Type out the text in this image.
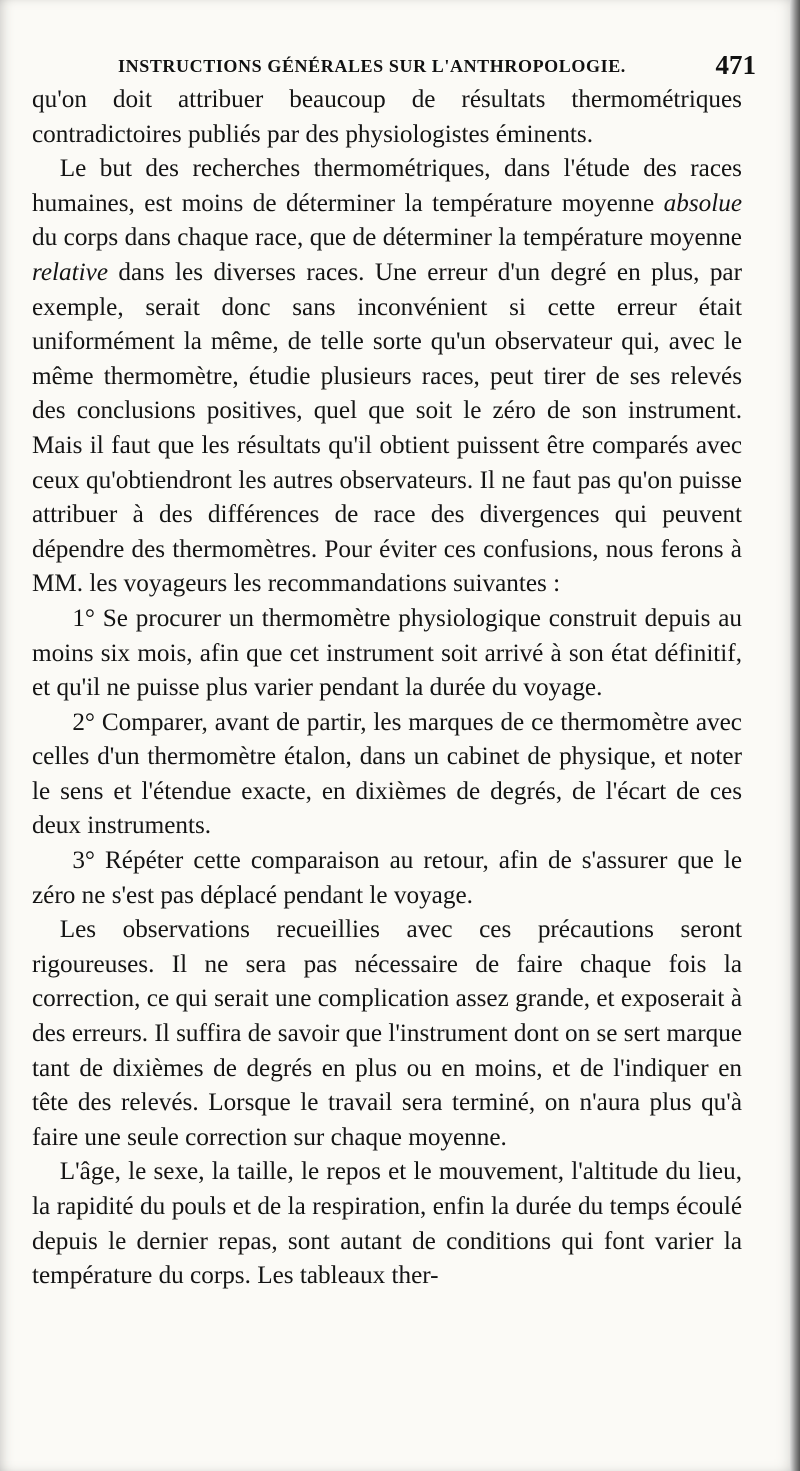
INSTRUCTIONS GÉNÉRALES SUR L'ANTHROPOLOGIE.	471

qu'on doit attribuer beaucoup de résultats thermométriques contradictoires publiés par des physiologistes éminents.

Le but des recherches thermométriques, dans l'étude des races humaines, est moins de déterminer la température moyenne absolue du corps dans chaque race, que de déterminer la température moyenne relative dans les diverses races. Une erreur d'un degré en plus, par exemple, serait donc sans inconvénient si cette erreur était uniformément la même, de telle sorte qu'un observateur qui, avec le même thermomètre, étudie plusieurs races, peut tirer de ses relevés des conclusions positives, quel que soit le zéro de son instrument. Mais il faut que les résultats qu'il obtient puissent être comparés avec ceux qu'obtiendront les autres observateurs. Il ne faut pas qu'on puisse attribuer à des différences de race des divergences qui peuvent dépendre des thermomètres. Pour éviter ces confusions, nous ferons à MM. les voyageurs les recommandations suivantes :

1° Se procurer un thermomètre physiologique construit depuis au moins six mois, afin que cet instrument soit arrivé à son état définitif, et qu'il ne puisse plus varier pendant la durée du voyage.

2° Comparer, avant de partir, les marques de ce thermomètre avec celles d'un thermomètre étalon, dans un cabinet de physique, et noter le sens et l'étendue exacte, en dixièmes de degrés, de l'écart de ces deux instruments.

3° Répéter cette comparaison au retour, afin de s'assurer que le zéro ne s'est pas déplacé pendant le voyage.

Les observations recueillies avec ces précautions seront rigoureuses. Il ne sera pas nécessaire de faire chaque fois la correction, ce qui serait une complication assez grande, et exposerait à des erreurs. Il suffira de savoir que l'instrument dont on se sert marque tant de dixièmes de degrés en plus ou en moins, et de l'indiquer en tête des relevés. Lorsque le travail sera terminé, on n'aura plus qu'à faire une seule correction sur chaque moyenne.

L'âge, le sexe, la taille, le repos et le mouvement, l'altitude du lieu, la rapidité du pouls et de la respiration, enfin la durée du temps écoulé depuis le dernier repas, sont autant de conditions qui font varier la température du corps. Les tableaux ther-
